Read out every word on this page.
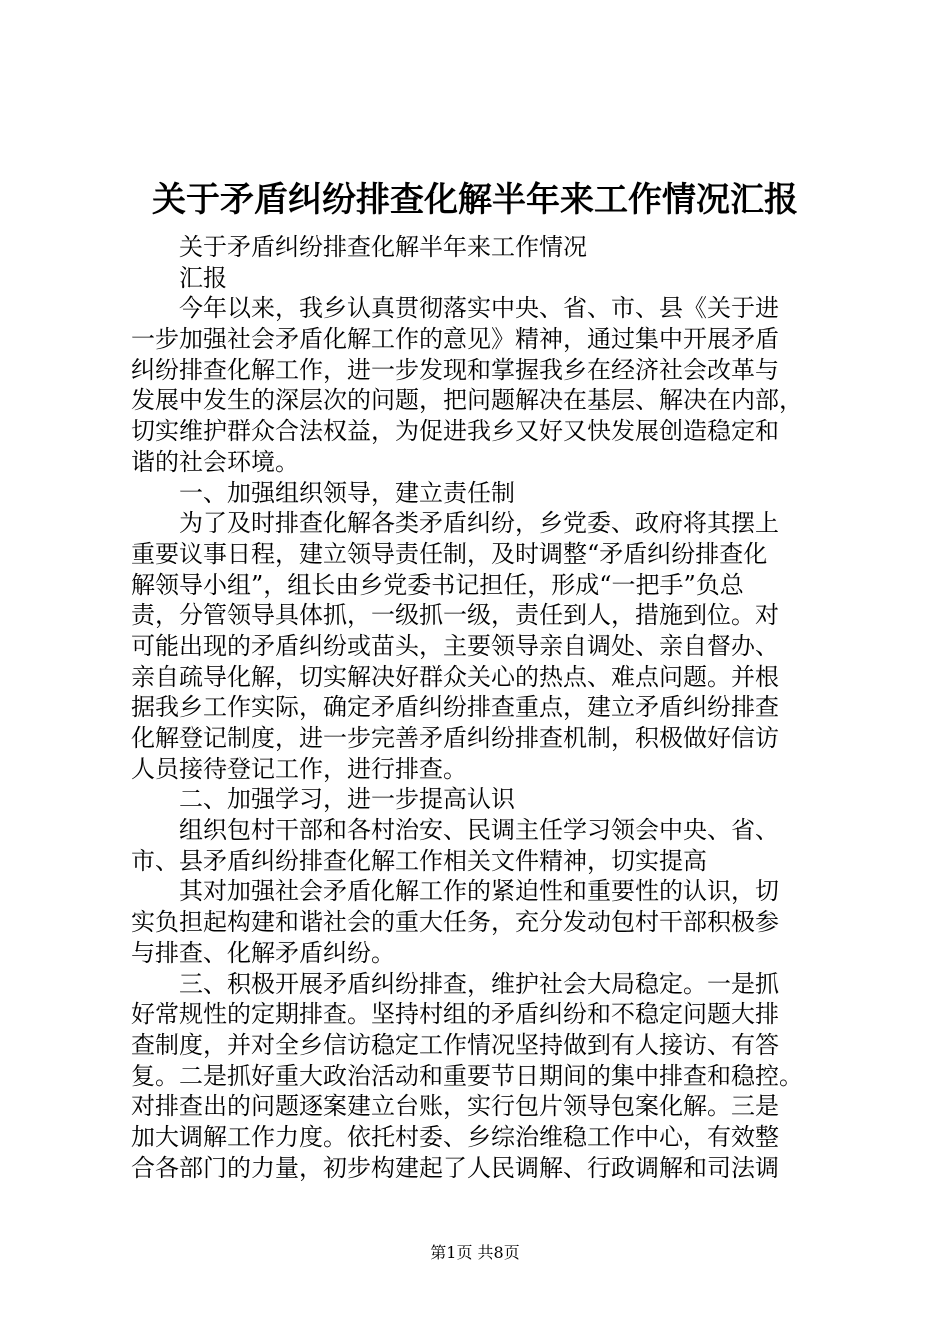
关于矛盾纠纷排查化解半年来工作情况汇报
关于矛盾纠纷排查化解半年来工作情况
汇报
今年以来，我乡认真贯彻落实中央、省、市、县《关于进
一步加强社会矛盾化解工作的意见》精神，通过集中开展矛盾
纠纷排查化解工作，进一步发现和掌握我乡在经济社会改革与
发展中发生的深层次的问题，把问题解决在基层、解决在内部，
切实维护群众合法权益，为促进我乡又好又快发展创造稳定和
谐的社会环境。
一、加强组织领导，建立责任制
为了及时排查化解各类矛盾纠纷，乡党委、政府将其摆上
重要议事日程，建立领导责任制，及时调整“矛盾纠纷排查化
解领导小组”，组长由乡党委书记担任，形成“一把手”负总
责，分管领导具体抓，一级抓一级，责任到人，措施到位。对
可能出现的矛盾纠纷或苗头，主要领导亲自调处、亲自督办、
亲自疏导化解，切实解决好群众关心的热点、难点问题。并根
据我乡工作实际，确定矛盾纠纷排查重点，建立矛盾纠纷排查
化解登记制度，进一步完善矛盾纠纷排查机制，积极做好信访
人员接待登记工作，进行排查。
二、加强学习，进一步提高认识
组织包村干部和各村治安、民调主任学习领会中央、省、
市、县矛盾纠纷排查化解工作相关文件精神，切实提高
其对加强社会矛盾化解工作的紧迫性和重要性的认识，切
实负担起构建和谐社会的重大任务，充分发动包村干部积极参
与排查、化解矛盾纠纷。
三、积极开展矛盾纠纷排查，维护社会大局稳定。一是抓
好常规性的定期排查。坚持村组的矛盾纠纷和不稳定问题大排
查制度，并对全乡信访稳定工作情况坚持做到有人接访、有答
复。二是抓好重大政治活动和重要节日期间的集中排查和稳控。
对排查出的问题逐案建立台账，实行包片领导包案化解。三是
加大调解工作力度。依托村委、乡综治维稳工作中心，有效整
合各部门的力量，初步构建起了人民调解、行政调解和司法调
第1页 共8页
